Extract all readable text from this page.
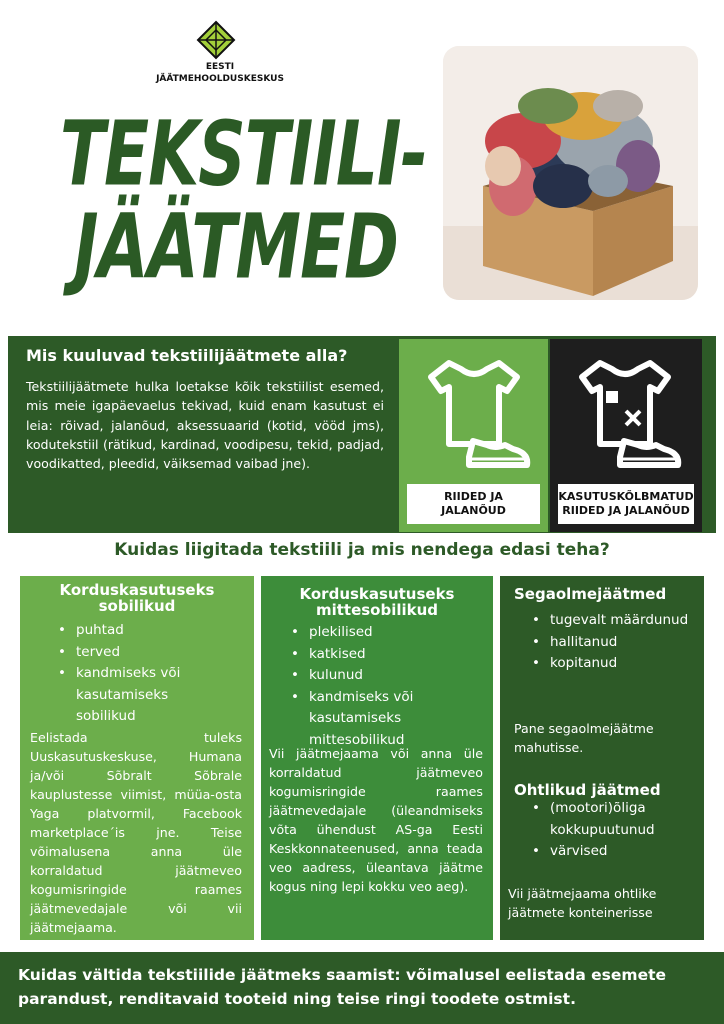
EESTI
JÄÄTMEHOOLDUSKESKUS
TEKSTIILI-
JÄÄTMED
Mis kuuluvad tekstiilijäätmete alla?
Tekstiilijäätmete hulka loetakse kõik tekstiilist esemed, mis meie igapäevaelus tekivad, kuid enam kasutust ei leia: rõivad, jalanõud, aksessuaarid (kotid, vööd jms), kodutekstiil (rätikud, kardinad, voodipesu, tekid, padjad, voodikatted, pleedid, väiksemad vaibad jne).
RIIDED JA
JALANÕUD
KASUTUSKÕLBMATUD
RIIDED JA JALANÕUD
Kuidas liigitada tekstiili ja mis nendega edasi teha?
Korduskasutuseks sobilikud
• puhtad
• terved
• kandmiseks või kasutamiseks sobilikud
Eelistada tuleks Uuskasutuskeskuse, Humana ja/või Sõbralt Sõbrale kauplustesse viimist, müüa-osta Yaga platvormil, Facebook marketplace´is jne. Teise võimalusena anna üle korraldatud jäätmeveo kogumisringide raames jäätmevedajale või vii jäätmejaama.
Korduskasutuseks mittesobilikud
• plekilised
• katkised
• kulunud
• kandmiseks või kasutamiseks mittesobilikud
Vii jäätmejaama või anna üle korraldatud jäätmeveo kogumisringide raames jäätmevedajale (üleandmiseks võta ühendust AS-ga Eesti Keskkonnateenused, anna teada veo aadress, üleantava jäätme kogus ning lepi kokku veo aeg).
Segaolmejäätmed
• tugevalt määrdunud
• hallitanud
• kopitanud
Pane segaolmejäätme mahutisse.
Ohtlikud jäätmed
• (mootori)õliga kokkupuutunud
• värvised
Vii jäätmejaama ohtlike jäätmete konteinerisse
Kuidas vältida tekstiilide jäätmeks saamist: võimalusel eelistada esemete parandust, renditavaid tooteid ning teise ringi toodete ostmist.
